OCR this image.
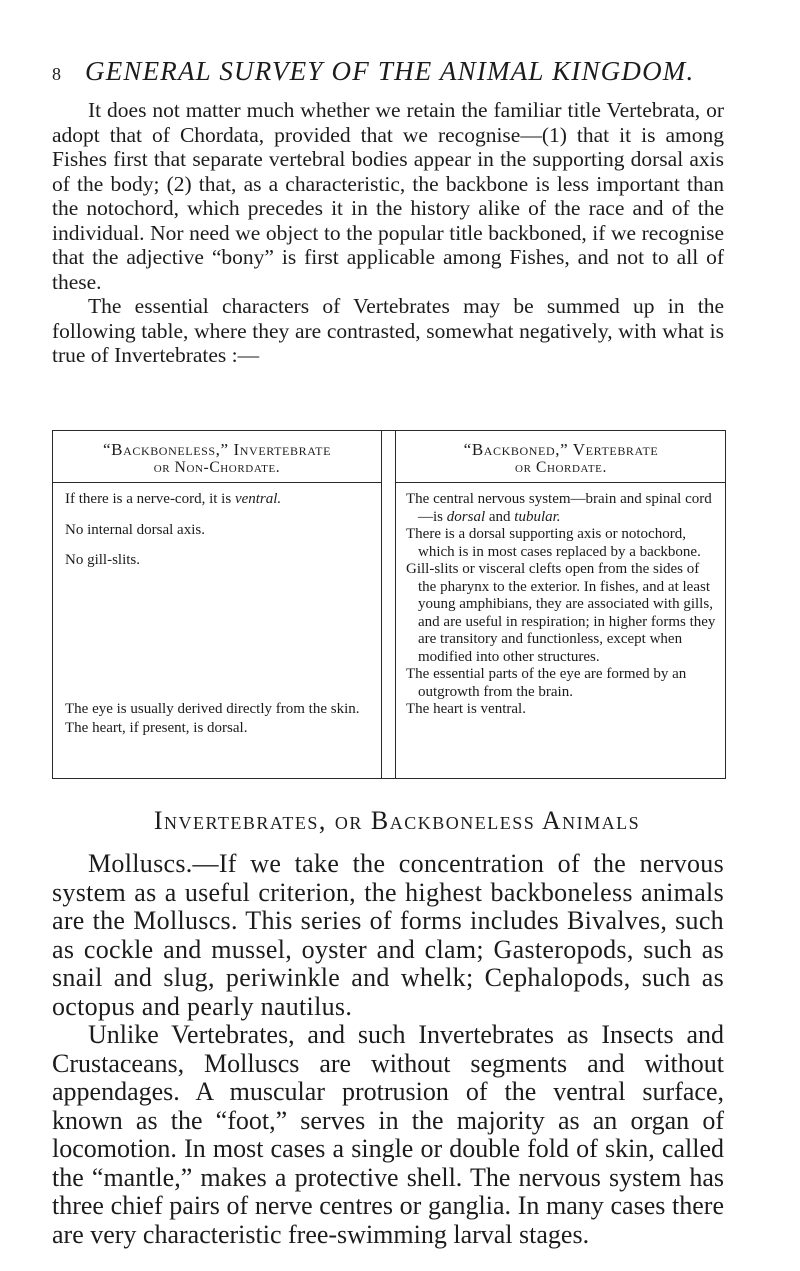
8 GENERAL SURVEY OF THE ANIMAL KINGDOM.

It does not matter much whether we retain the familiar title Vertebrata, or adopt that of Chordata, provided that we recognise—(1) that it is among Fishes first that separate vertebral bodies appear in the supporting dorsal axis of the body; (2) that, as a characteristic, the backbone is less important than the notochord, which precedes it in the history alike of the race and of the individual. Nor need we object to the popular title backboned, if we recognise that the adjective “bony” is first applicable among Fishes, and not to all of these.

The essential characters of Vertebrates may be summed up in the following table, where they are contrasted, somewhat negatively, with what is true of Invertebrates :—

“Backboneless,” Invertebrate
or Non-Chordate.

If there is a nerve-cord, it is ventral.

No internal dorsal axis.

No gill-slits.

The eye is usually derived directly from the skin.

The heart, if present, is dorsal.

“Backboned,” Vertebrate
or Chordate.

The central nervous system—brain and spinal cord—is dorsal and tubular.

There is a dorsal supporting axis or notochord, which is in most cases replaced by a backbone.

Gill-slits or visceral clefts open from the sides of the pharynx to the exterior. In fishes, and at least young amphibians, they are associated with gills, and are useful in respiration; in higher forms they are transitory and functionless, except when modified into other structures.

The essential parts of the eye are formed by an outgrowth from the brain.

The heart is ventral.

Invertebrates, or Backboneless Animals

Molluscs.—If we take the concentration of the nervous system as a useful criterion, the highest backboneless animals are the Molluscs. This series of forms includes Bivalves, such as cockle and mussel, oyster and clam; Gasteropods, such as snail and slug, periwinkle and whelk; Cephalopods, such as octopus and pearly nautilus.

Unlike Vertebrates, and such Invertebrates as Insects and Crustaceans, Molluscs are without segments and without appendages. A muscular protrusion of the ventral surface, known as the “foot,” serves in the majority as an organ of locomotion. In most cases a single or double fold of skin, called the “mantle,” makes a protective shell. The nervous system has three chief pairs of nerve centres or ganglia. In many cases there are very characteristic free-swimming larval stages.
